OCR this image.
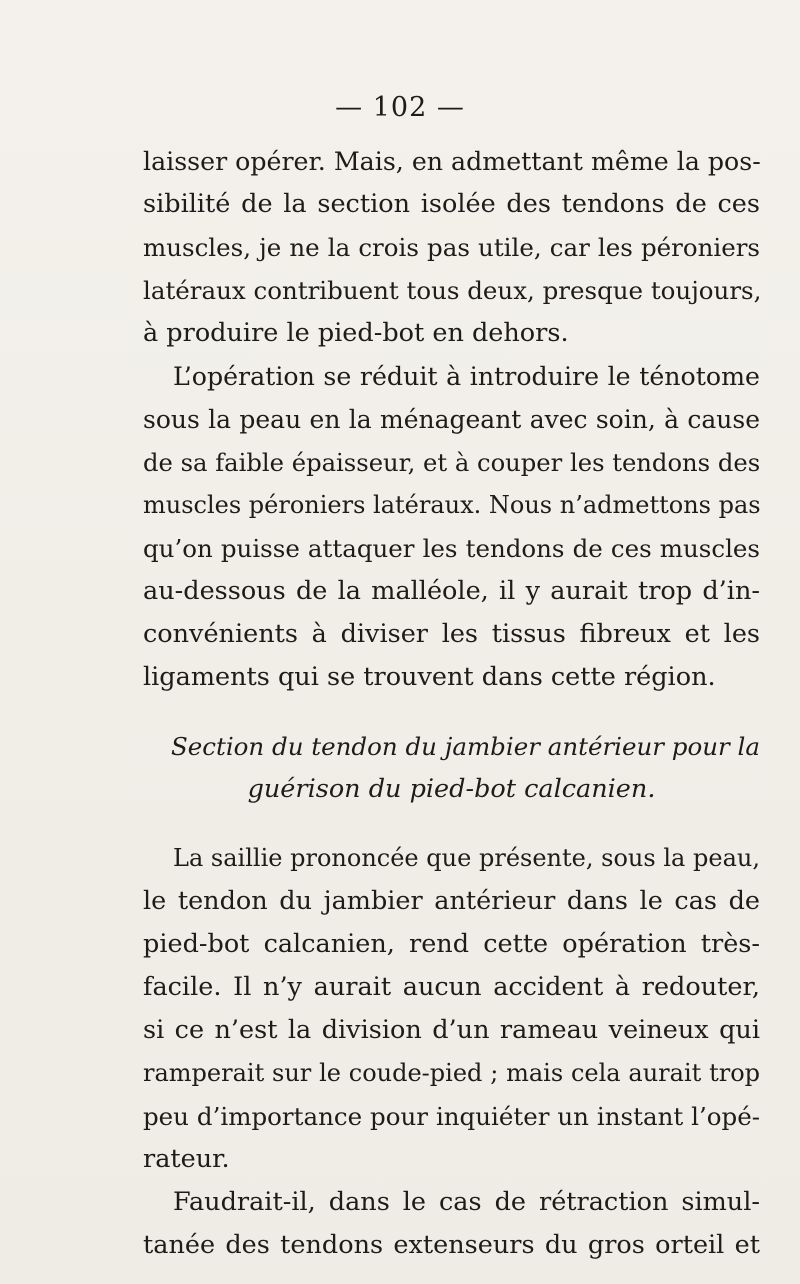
— 102 —
laisser opérer. Mais, en admettant même la pos-
sibilité de la section isolée des tendons de ces
muscles, je ne la crois pas utile, car les péroniers
latéraux contribuent tous deux, presque toujours,
à produire le pied-bot en dehors.
L’opération se réduit à introduire le ténotome
sous la peau en la ménageant avec soin, à cause
de sa faible épaisseur, et à couper les tendons des
muscles péroniers latéraux. Nous n’admettons pas
qu’on puisse attaquer les tendons de ces muscles
au-dessous de la malléole, il y aurait trop d’in-
convénients à diviser les tissus fibreux et les
ligaments qui se trouvent dans cette région.
Section du tendon du jambier antérieur pour la
guérison du pied-bot calcanien.
La saillie prononcée que présente, sous la peau,
le tendon du jambier antérieur dans le cas de
pied-bot calcanien, rend cette opération très-
facile. Il n’y aurait aucun accident à redouter,
si ce n’est la division d’un rameau veineux qui
ramperait sur le coude-pied ; mais cela aurait trop
peu d’importance pour inquiéter un instant l’opé-
rateur.
Faudrait-il, dans le cas de rétraction simul-
tanée des tendons extenseurs du gros orteil et
